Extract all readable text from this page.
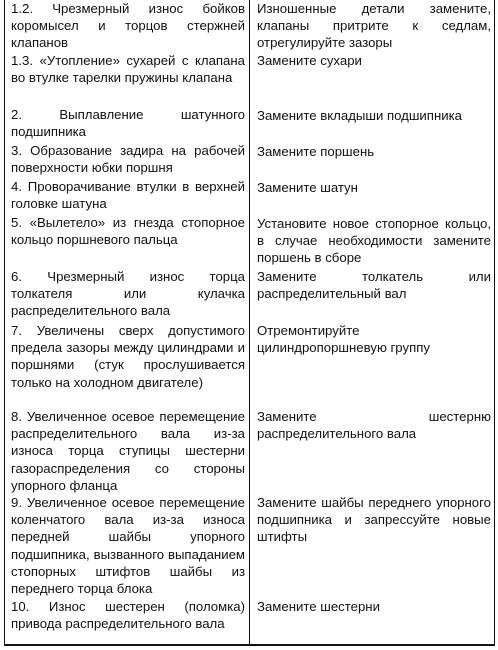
1.2. Чрезмерный износ бойков коромысел и торцов стержней клапанов
Изношенные детали замените, клапаны притрите к седлам, отрегулируйте зазоры
1.3. «Утопление» сухарей с клапана во втулке тарелки пружины клапана
Замените сухари
2. Выплавление шатунного подшипника
Замените вкладыши подшипника
3. Образование задира на рабочей поверхности юбки поршня
Замените поршень
4. Проворачивание втулки в верхней головке шатуна
Замените шатун
5. «Вылетело» из гнезда стопорное кольцо поршневого пальца
Установите новое стопорное кольцо, в случае необходимости замените поршень в сборе
6. Чрезмерный износ торца толкателя или кулачка распределительного вала
Замените толкатель или распределительный вал
7. Увеличены сверх допустимого предела зазоры между цилиндрами и поршнями (стук прослушивается только на холодном двигателе)
Отремонтируйте цилиндропоршневую группу
8. Увеличенное осевое перемещение распределительного вала из-за износа торца ступицы шестерни газораспределения со стороны упорного фланца
Замените шестерню распределительного вала
9. Увеличенное осевое перемещение коленчатого вала из-за износа передней шайбы упорного подшипника, вызванного выпаданием стопорных штифтов шайбы из переднего торца блока
Замените шайбы переднего упорного подшипника и запрессуйте новые штифты
10. Износ шестерен (поломка) привода распределительного вала
Замените шестерни
